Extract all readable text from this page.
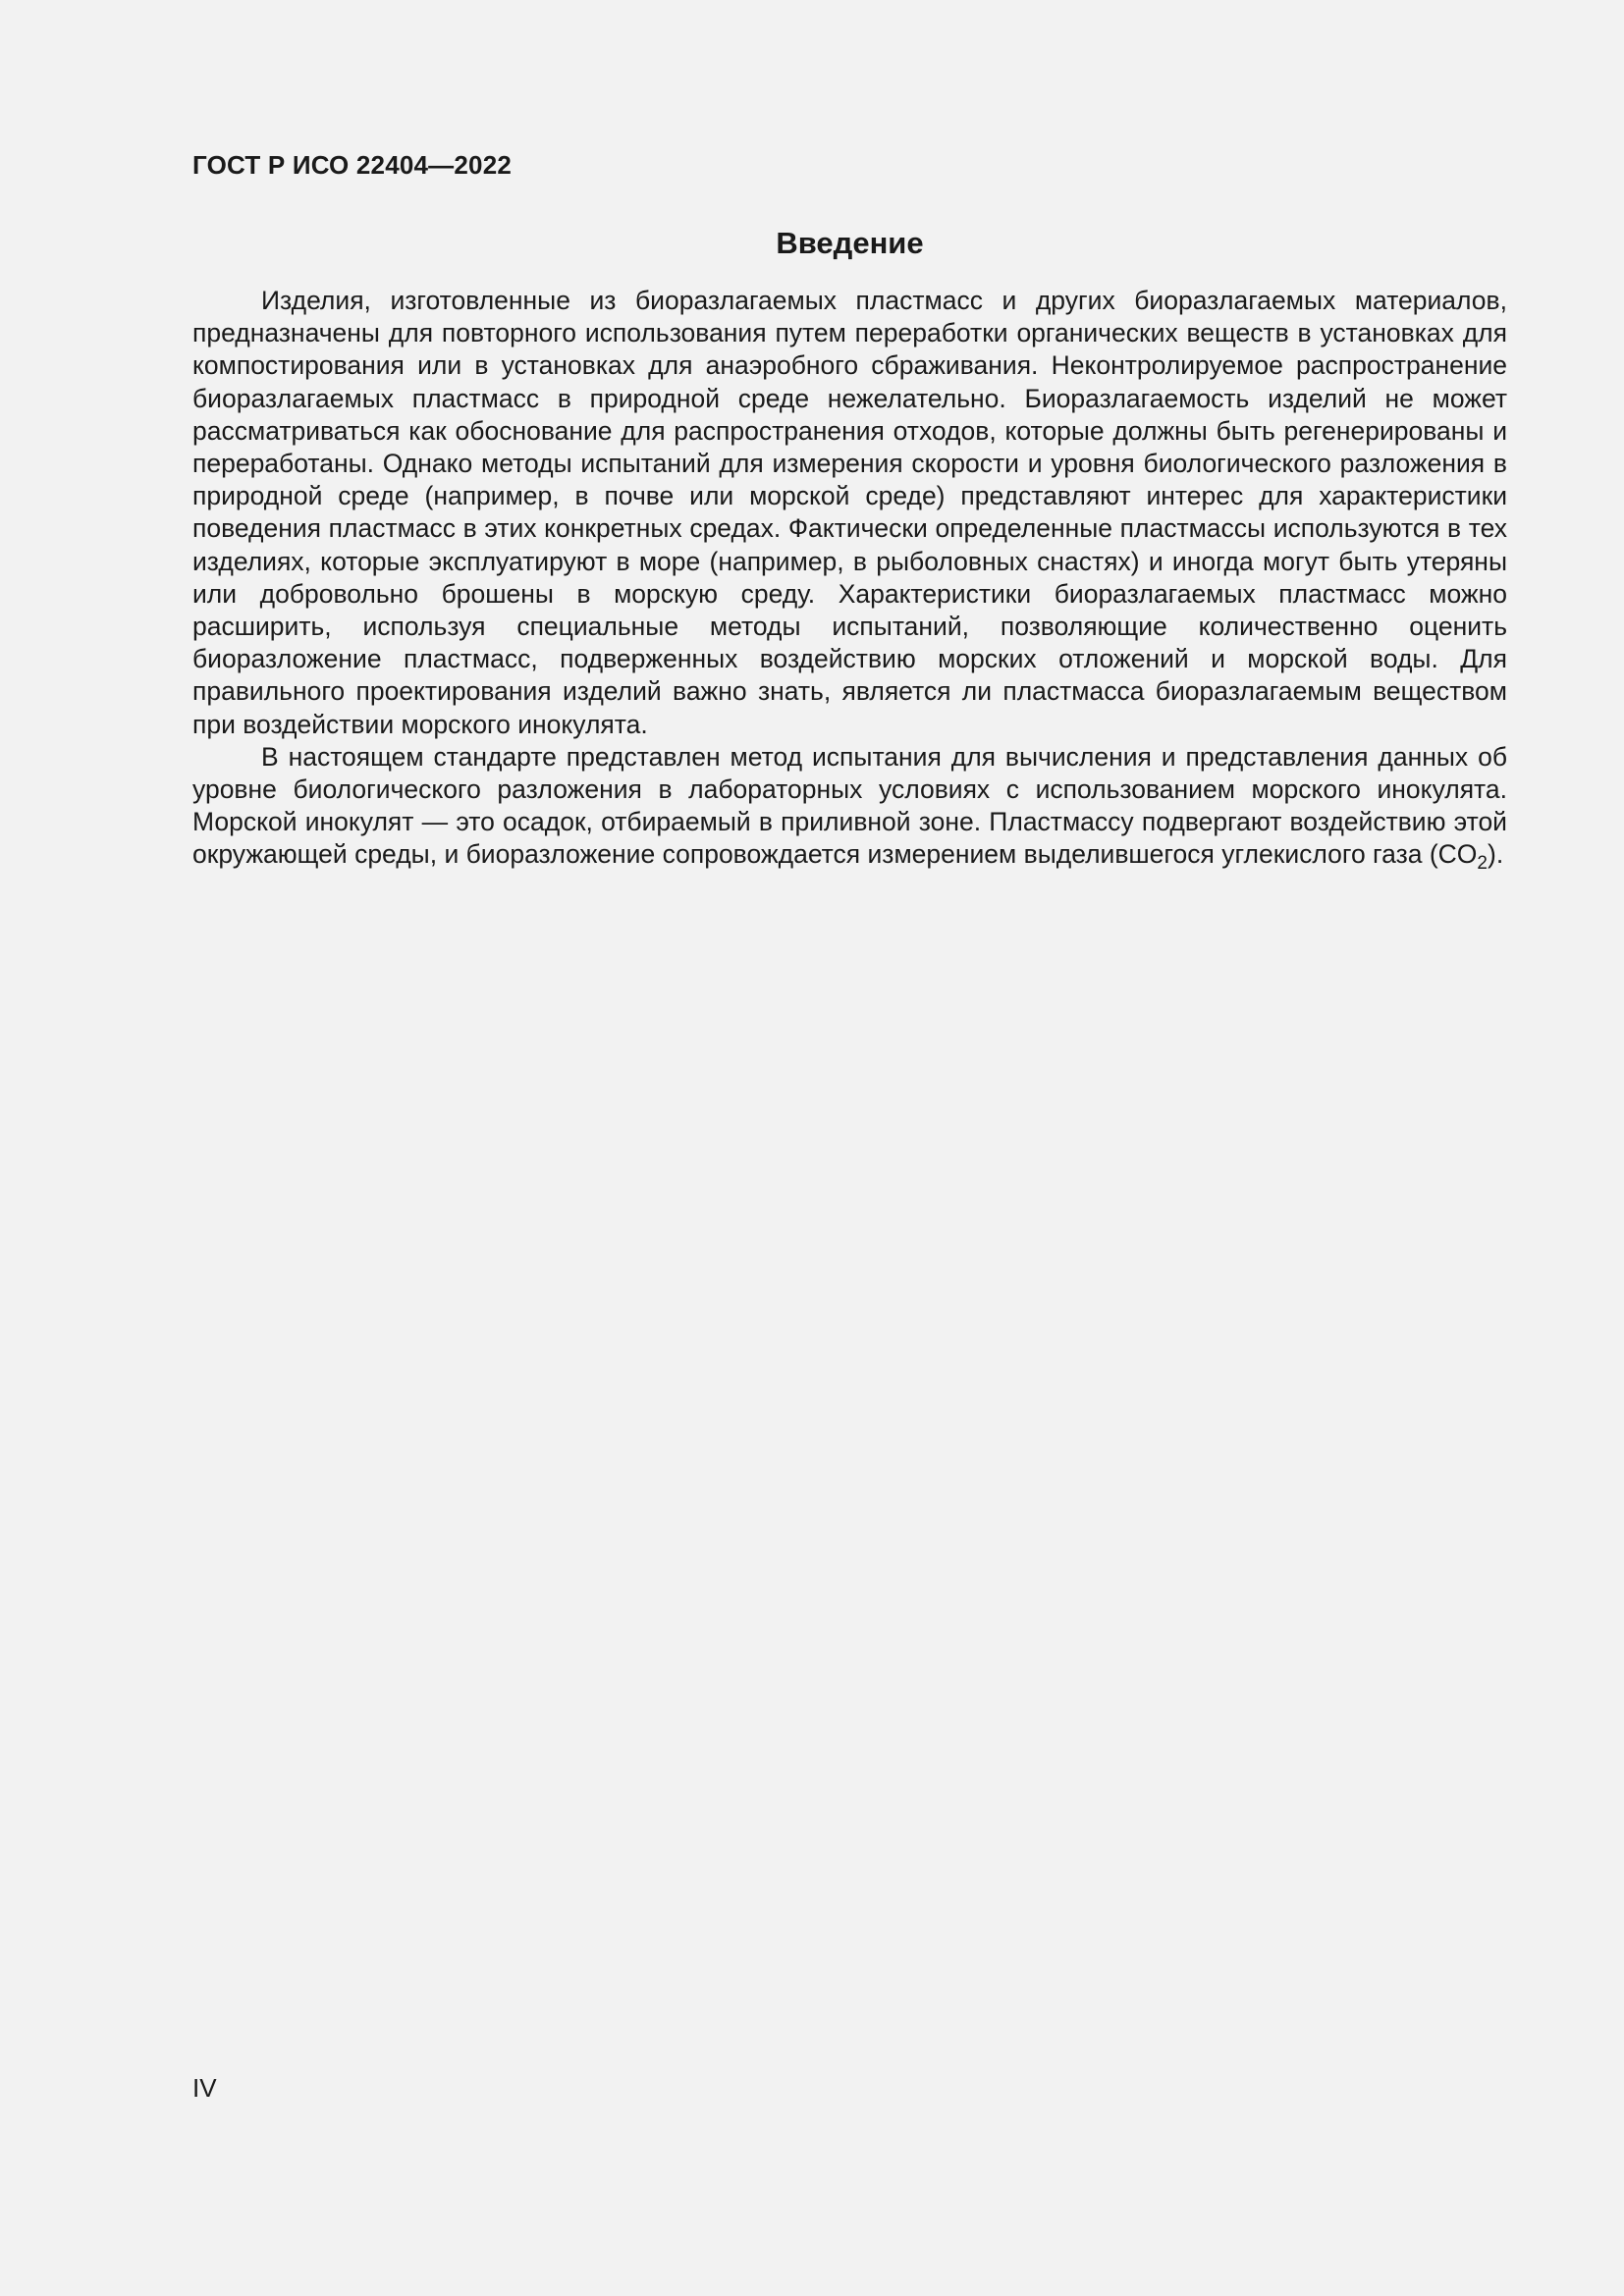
ГОСТ Р ИСО 22404—2022
Введение

Изделия, изготовленные из биоразлагаемых пластмасс и других биоразлагаемых материалов, предназначены для повторного использования путем переработки органических веществ в установках для компостирования или в установках для анаэробного сбраживания. Неконтролируемое распространение биоразлагаемых пластмасс в природной среде нежелательно. Биоразлагаемость изделий не может рассматриваться как обоснование для распространения отходов, которые должны быть регенерированы и переработаны. Однако методы испытаний для измерения скорости и уровня биологического разложения в природной среде (например, в почве или морской среде) представляют интерес для характеристики поведения пластмасс в этих конкретных средах. Фактически определенные пластмассы используются в тех изделиях, которые эксплуатируют в море (например, в рыболовных снастях) и иногда могут быть утеряны или добровольно брошены в морскую среду. Характеристики биоразлагаемых пластмасс можно расширить, используя специальные методы испытаний, позволяющие количественно оценить биоразложение пластмасс, подверженных воздействию морских отложений и морской воды. Для правильного проектирования изделий важно знать, является ли пластмасса биоразлагаемым веществом при воздействии морского инокулята.

В настоящем стандарте представлен метод испытания для вычисления и представления данных об уровне биологического разложения в лабораторных условиях с использованием морского инокулята. Морской инокулят — это осадок, отбираемый в приливной зоне. Пластмассу подвергают воздействию этой окружающей среды, и биоразложение сопровождается измерением выделившегося углекислого газа $(CO_2)$.

IV
